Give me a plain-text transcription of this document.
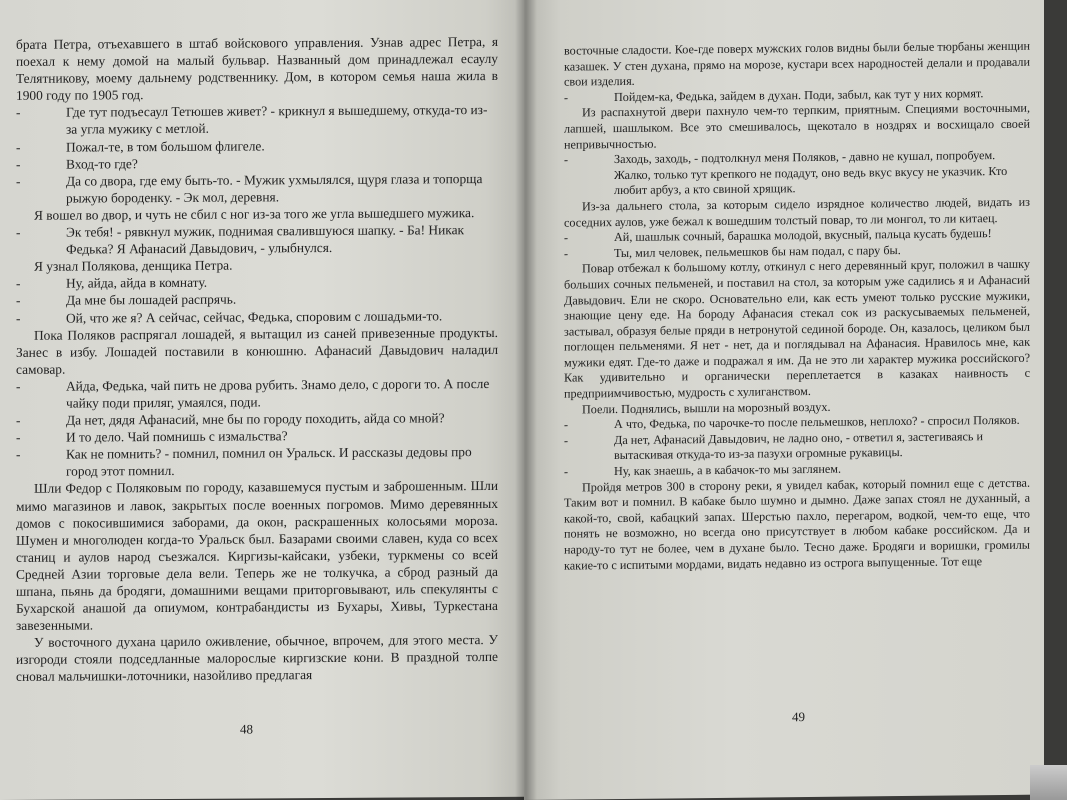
брата Петра, отъехавшего в штаб войскового управления. Узнав адрес Петра, я поехал к нему домой на малый бульвар. Названный дом принадлежал есаулу Телятникову, моему дальнему родственнику. Дом, в котором семья наша жила в 1900 году по 1905 год.

-	Где тут подъесаул Тетюшев живет? - крикнул я вышедшему, откуда-то из-за угла мужику с метлой.
-	Пожал-те, в том большом флигеле.
-	Вход-то где?
-	Да со двора, где ему быть-то. - Мужик ухмылялся, щуря глаза и топорща рыжую бороденку. - Эк мол, деревня.

Я вошел во двор, и чуть не сбил с ног из-за того же угла вышедшего мужика.

-	Эк тебя! - рявкнул мужик, поднимая свалившуюся шапку. - Ба! Никак Федька? Я Афанасий Давыдович, - улыбнулся.

Я узнал Полякова, денщика Петра.

-	Ну, айда, айда в комнату.
-	Да мне бы лошадей распрячь.
-	Ой, что же я? А сейчас, сейчас, Федька, споровим с лошадьми-то.

Пока Поляков распрягал лошадей, я вытащил из саней привезенные продукты. Занес в избу. Лошадей поставили в конюшню. Афанасий Давыдович наладил самовар.

-	Айда, Федька, чай пить не дрова рубить. Знамо дело, с дороги то. А после чайку поди приляг, умаялся, поди.
-	Да нет, дядя Афанасий, мне бы по городу походить, айда со мной?
-	И то дело. Чай помнишь с измальства?
-	Как не помнить? - помнил, помнил он Уральск. И рассказы дедовы про город этот помнил.

Шли Федор с Поляковым по городу, казавшемуся пустым и заброшенным. Шли мимо магазинов и лавок, закрытых после военных погромов. Мимо деревянных домов с покосившимися заборами, да окон, раскрашенных колосьями мороза. Шумен и многолюден когда-то Уральск был. Базарами своими славен, куда со всех станиц и аулов народ съезжался. Киргизы-кайсаки, узбеки, туркмены со всей Средней Азии торговые дела вели. Теперь же не толкучка, а сброд разный да шпана, пьянь да бродяги, домашними вещами приторговывают, иль спекулянты с Бухарской анашой да опиумом, контрабандисты из Бухары, Хивы, Туркестана завезенными.

У восточного духана царило оживление, обычное, впрочем, для этого места. У изгороди стояли подседланные малорослые киргизские кони. В праздной толпе сновал мальчишки-лоточники, назойливо предлагая

48

восточные сладости. Кое-где поверх мужских голов видны были белые тюрбаны женщин казашек. У стен духана, прямо на морозе, кустари всех народностей делали и продавали свои изделия.

-	Пойдем-ка, Федька, зайдем в духан. Поди, забыл, как тут у них кормят.

Из распахнутой двери пахнуло чем-то терпким, приятным. Специями восточными, лапшей, шашлыком. Все это смешивалось, щекотало в ноздрях и восхищало своей непривычностью.

-	Заходь, заходь, - подтолкнул меня Поляков, - давно не кушал, попробуем. Жалко, только тут крепкого не подадут, оно ведь вкус вкусу не указчик. Кто любит арбуз, а кто свиной хрящик.

Из-за дальнего стола, за которым сидело изрядное количество людей, видать из соседних аулов, уже бежал к вошедшим толстый повар, то ли монгол, то ли китаец.

-	Ай, шашлык сочный, барашка молодой, вкусный, пальца кусать будешь!
-	Ты, мил человек, пельмешков бы нам подал, с пару бы.

Повар отбежал к большому котлу, откинул с него деревянный круг, положил в чашку больших сочных пельменей, и поставил на стол, за которым уже садились я и Афанасий Давыдович. Ели не скоро. Основательно ели, как есть умеют только русские мужики, знающие цену еде. На бороду Афанасия стекал сок из раскусываемых пельменей, застывал, образуя белые пряди в нетронутой сединой бороде. Он, казалось, целиком был поглощен пельменями. Я нет - нет, да и поглядывал на Афанасия. Нравилось мне, как мужики едят. Где-то даже и подражал я им. Да не это ли характер мужика российского? Как удивительно и органически переплетается в казаках наивность с предприимчивостью, мудрость с хулиганством.

Поели. Поднялись, вышли на морозный воздух.

-	А что, Федька, по чарочке-то после пельмешков, неплохо? - спросил Поляков.
-	Да нет, Афанасий Давыдович, не ладно оно, - ответил я, застегиваясь и вытаскивая откуда-то из-за пазухи огромные рукавицы.
-	Ну, как знаешь, а в кабачок-то мы заглянем.

Пройдя метров 300 в сторону реки, я увидел кабак, который помнил еще с детства. Таким вот и помнил. В кабаке было шумно и дымно. Даже запах стоял не духанный, а какой-то, свой, кабацкий запах. Шерстью пахло, перегаром, водкой, чем-то еще, что понять не возможно, но всегда оно присутствует в любом кабаке российском. Да и народу-то тут не более, чем в духане было. Тесно даже. Бродяги и воришки, громилы какие-то с испитыми мордами, видать недавно из острога выпущенные. Тот еще

49
